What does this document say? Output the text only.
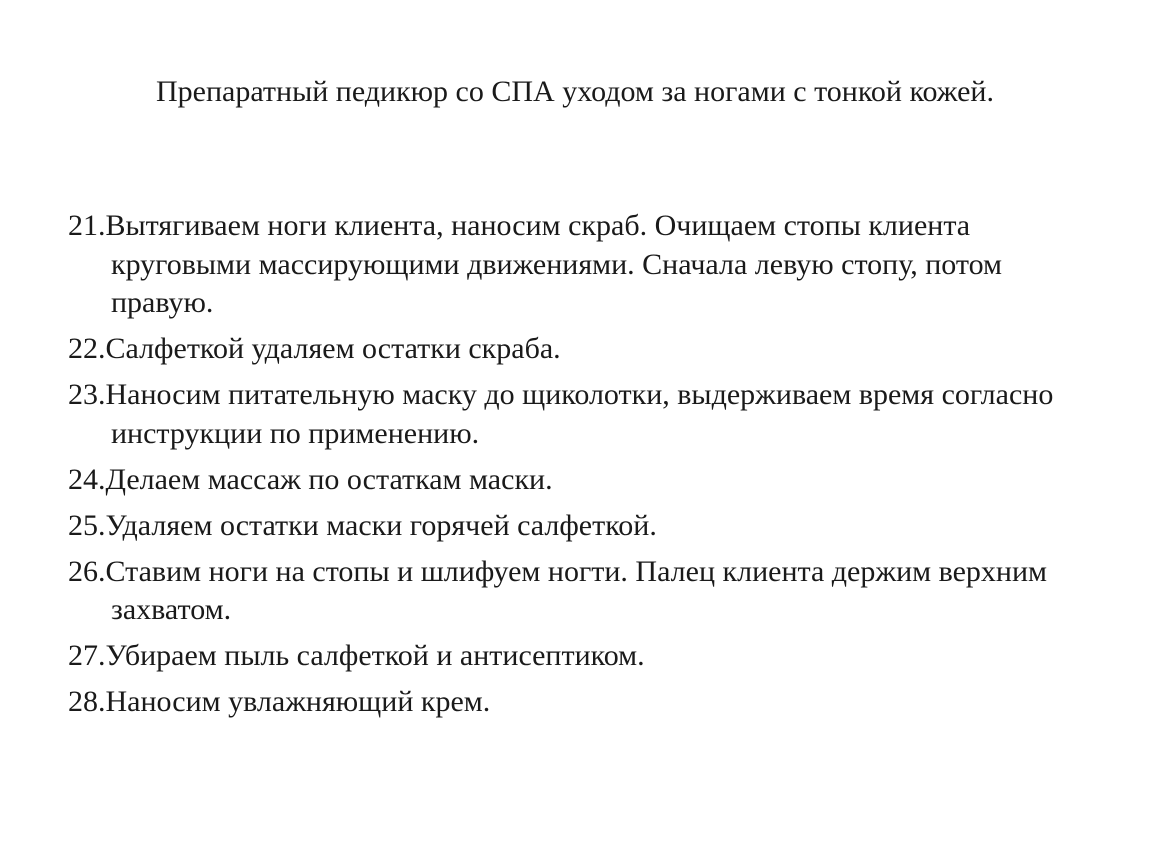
Препаратный педикюр со СПА уходом за ногами с тонкой кожей.
21.Вытягиваем ноги клиента, наносим скраб. Очищаем стопы клиента круговыми массирующими движениями. Сначала левую стопу, потом правую.
22.Салфеткой удаляем остатки скраба.
23.Наносим питательную маску до щиколотки, выдерживаем время согласно инструкции по применению.
24.Делаем массаж по остаткам маски.
25.Удаляем остатки маски горячей салфеткой.
26.Ставим ноги на стопы и шлифуем ногти. Палец клиента держим верхним захватом.
27.Убираем пыль салфеткой и антисептиком.
28.Наносим увлажняющий крем.
